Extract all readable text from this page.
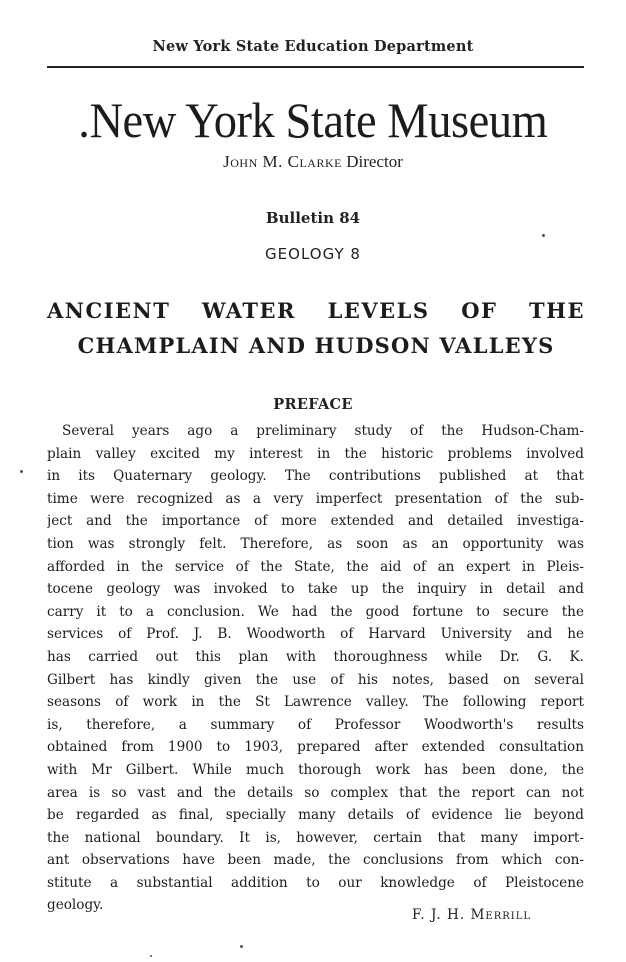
New York State Education Department
.New York State Museum
John M. Clarke Director
Bulletin 84
GEOLOGY 8
ANCIENT WATER LEVELS OF THE
CHAMPLAIN AND HUDSON VALLEYS
PREFACE
Several years ago a preliminary study of the Hudson-Cham-
plain valley excited my interest in the historic problems involved
in its Quaternary geology. The contributions published at that
time were recognized as a very imperfect presentation of the sub-
ject and the importance of more extended and detailed investiga-
tion was strongly felt. Therefore, as soon as an opportunity was
afforded in the service of the State, the aid of an expert in Pleis-
tocene geology was invoked to take up the inquiry in detail and
carry it to a conclusion. We had the good fortune to secure the
services of Prof. J. B. Woodworth of Harvard University and he
has carried out this plan with thoroughness while Dr. G. K.
Gilbert has kindly given the use of his notes, based on several
seasons of work in the St Lawrence valley. The following report
is, therefore, a summary of Professor Woodworth's results
obtained from 1900 to 1903, prepared after extended consultation
with Mr Gilbert. While much thorough work has been done, the
area is so vast and the details so complex that the report can not
be regarded as final, specially many details of evidence lie beyond
the national boundary. It is, however, certain that many import-
ant observations have been made, the conclusions from which con-
stitute a substantial addition to our knowledge of Pleistocene
geology.
F. J. H. Merrill
